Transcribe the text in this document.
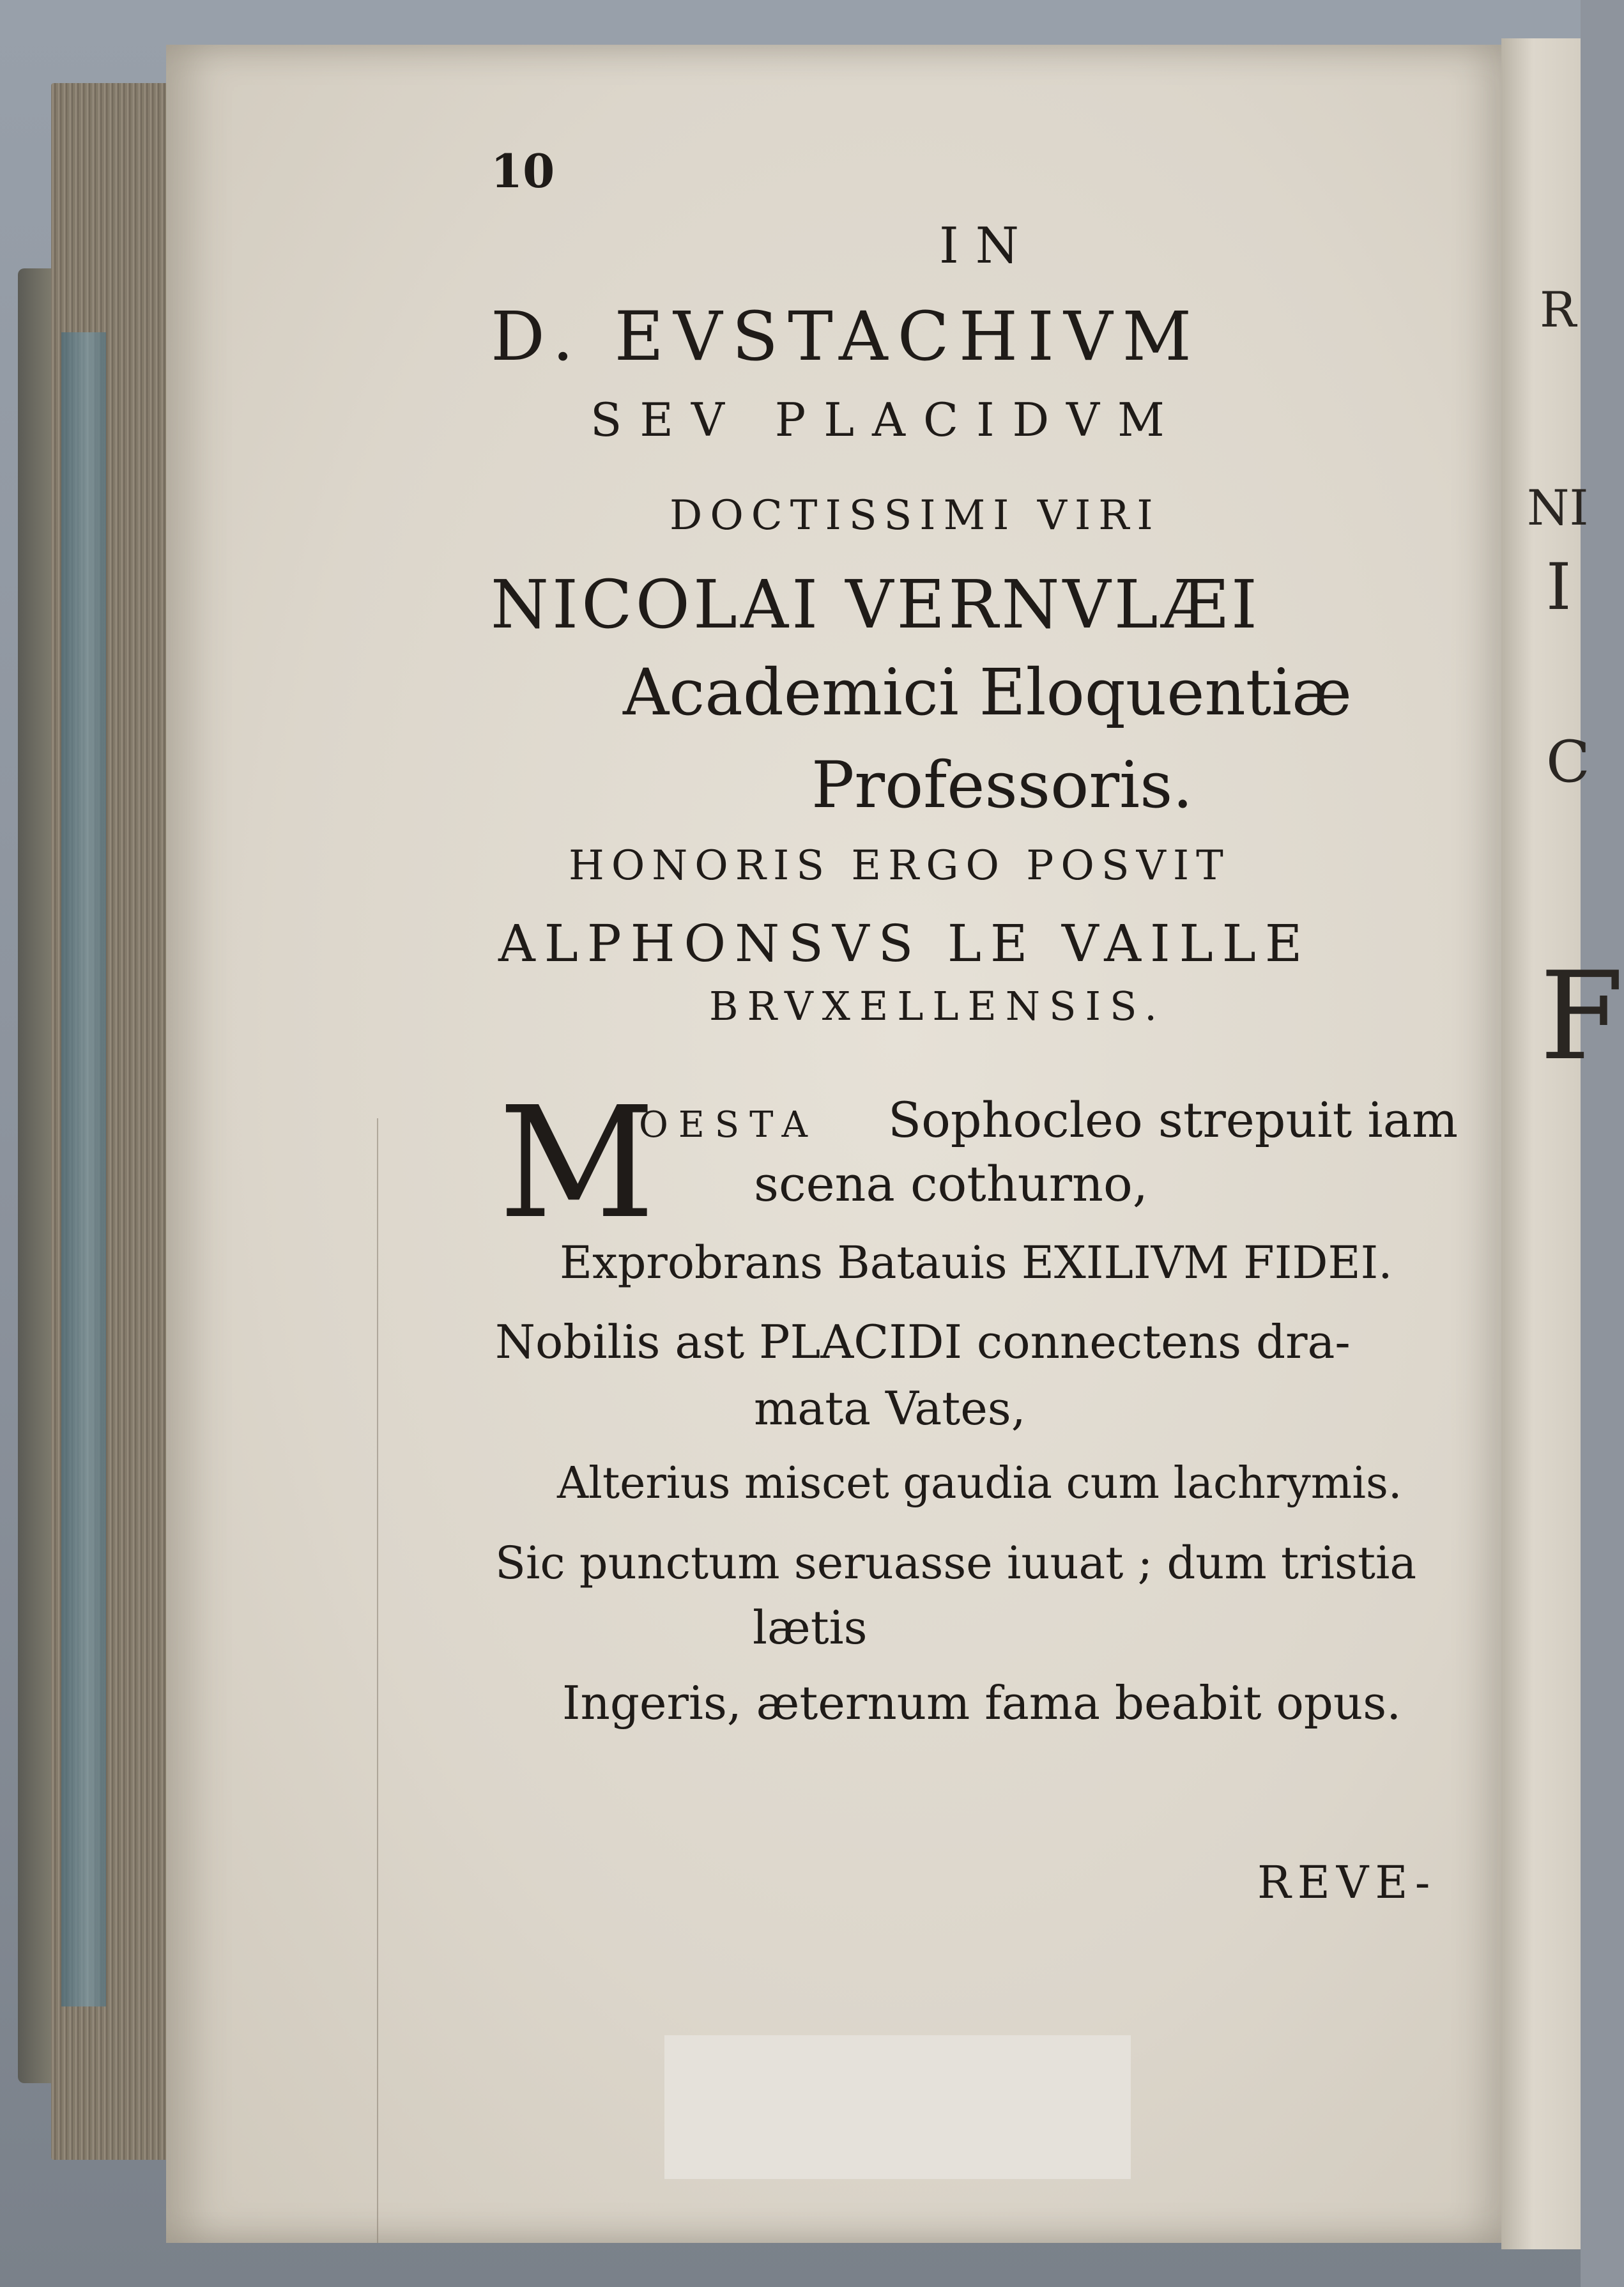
R
NI
I
C
F
10
IN
D. EVSTACHIVM
SEV PLACIDVM
DOCTISSIMI VIRI
NICOLAI VERNVLÆI
Academici Eloquentiæ
Professoris.
HONORIS ERGO POSVIT
ALPHONSVS LE VAILLE
BRVXELLENSIS.
M
OESTA Sophocleo strepuit iam
scena cothurno,
Exprobrans Batauis EXILIVM FIDEI.
Nobilis ast PLACIDI connectens dra-
mata Vates,
Alterius miscet gaudia cum lachrymis.
Sic punctum seruasse iuuat ; dum tristia
lætis
Ingeris, æternum fama beabit opus.
REVE-
